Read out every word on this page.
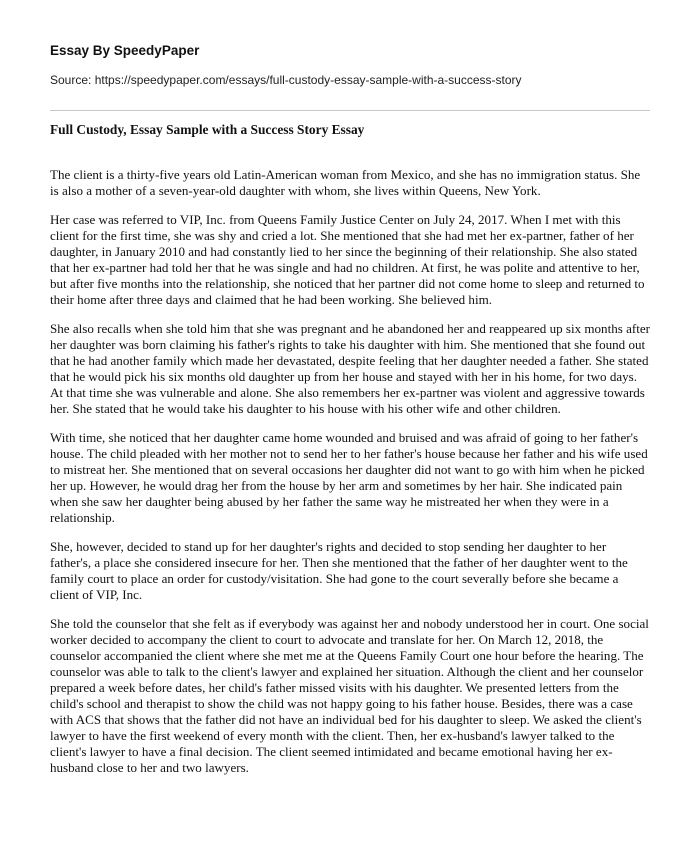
Essay By SpeedyPaper
Source: https://speedypaper.com/essays/full-custody-essay-sample-with-a-success-story
Full Custody, Essay Sample with a Success Story Essay

The client is a thirty-five years old Latin-American woman from Mexico, and she has no immigration status. She is also a mother of a seven-year-old daughter with whom, she lives within Queens, New York.

Her case was referred to VIP, Inc. from Queens Family Justice Center on July 24, 2017. When I met with this client for the first time, she was shy and cried a lot. She mentioned that she had met her ex-partner, father of her daughter, in January 2010 and had constantly lied to her since the beginning of their relationship. She also stated that her ex-partner had told her that he was single and had no children. At first, he was polite and attentive to her, but after five months into the relationship, she noticed that her partner did not come home to sleep and returned to their home after three days and claimed that he had been working. She believed him.

She also recalls when she told him that she was pregnant and he abandoned her and reappeared up six months after her daughter was born claiming his father's rights to take his daughter with him. She mentioned that she found out that he had another family which made her devastated, despite feeling that her daughter needed a father. She stated that he would pick his six months old daughter up from her house and stayed with her in his home, for two days. At that time she was vulnerable and alone. She also remembers her ex-partner was violent and aggressive towards her. She stated that he would take his daughter to his house with his other wife and other children.

With time, she noticed that her daughter came home wounded and bruised and was afraid of going to her father's house. The child pleaded with her mother not to send her to her father's house because her father and his wife used to mistreat her. She mentioned that on several occasions her daughter did not want to go with him when he picked her up. However, he would drag her from the house by her arm and sometimes by her hair. She indicated pain when she saw her daughter being abused by her father the same way he mistreated her when they were in a relationship.

She, however, decided to stand up for her daughter's rights and decided to stop sending her daughter to her father's, a place she considered insecure for her. Then she mentioned that the father of her daughter went to the family court to place an order for custody/visitation. She had gone to the court severally before she became a client of VIP, Inc.

She told the counselor that she felt as if everybody was against her and nobody understood her in court. One social worker decided to accompany the client to court to advocate and translate for her. On March 12, 2018, the counselor accompanied the client where she met me at the Queens Family Court one hour before the hearing. The counselor was able to talk to the client's lawyer and explained her situation. Although the client and her counselor prepared a week before dates, her child's father missed visits with his daughter. We presented letters from the child's school and therapist to show the child was not happy going to his father house. Besides, there was a case with ACS that shows that the father did not have an individual bed for his daughter to sleep. We asked the client's lawyer to have the first weekend of every month with the client. Then, her ex-husband's lawyer talked to the client's lawyer to have a final decision. The client seemed intimidated and became emotional having her ex-husband close to her and two lawyers.
